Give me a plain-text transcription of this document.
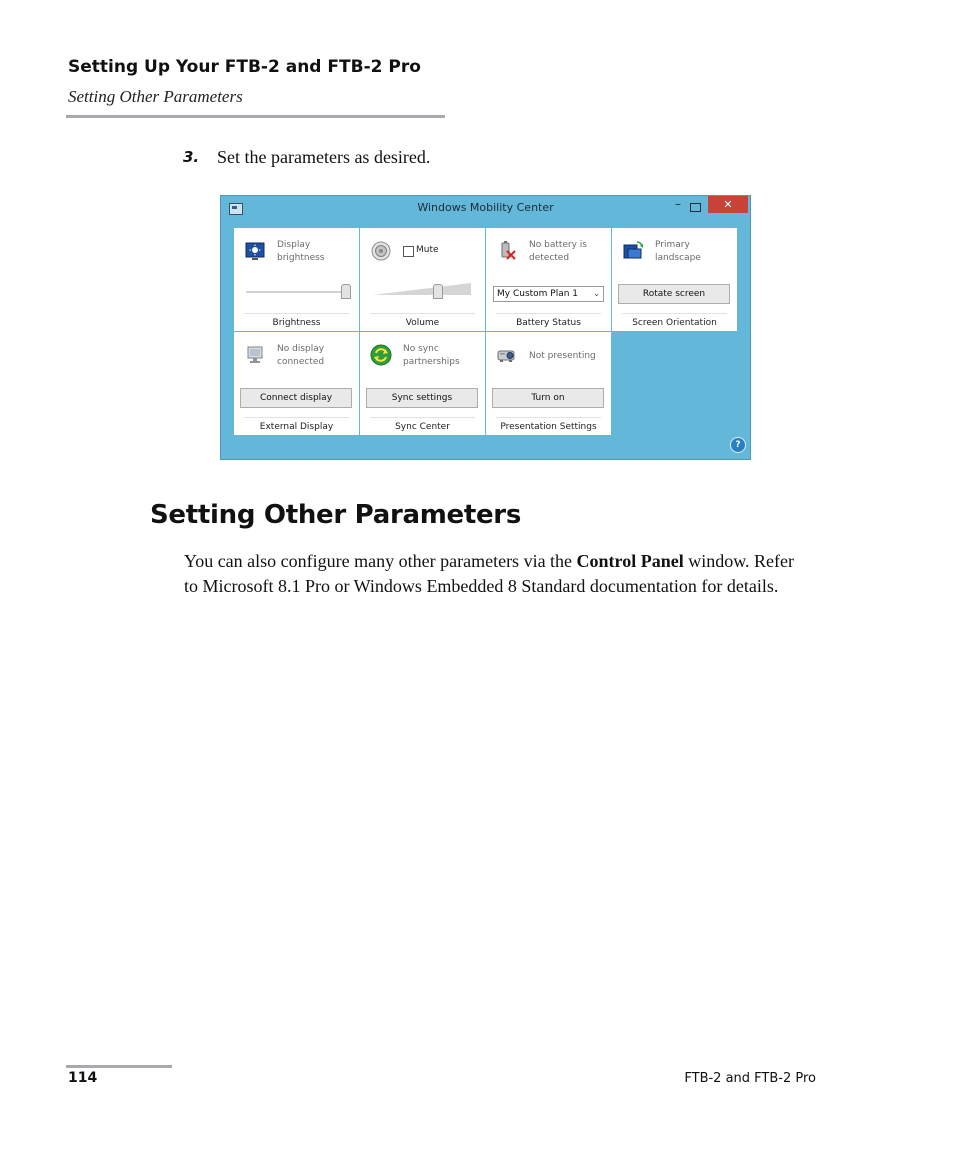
Setting Up Your FTB-2 and FTB-2 Pro
Setting Other Parameters
3. Set the parameters as desired.
Windows Mobility Center	–	✕
Display brightness
Brightness
Mute
Volume
No battery is detected
My Custom Plan 1 ⌄
Battery Status
Primary landscape
Rotate screen
Screen Orientation
No display connected
Connect display
External Display
No sync partnerships
Sync settings
Sync Center
Not presenting
Turn on
Presentation Settings
?
Setting Other Parameters
You can also configure many other parameters via the Control Panel window. Refer to Microsoft 8.1 Pro or Windows Embedded 8 Standard documentation for details.
114	FTB-2 and FTB-2 Pro
